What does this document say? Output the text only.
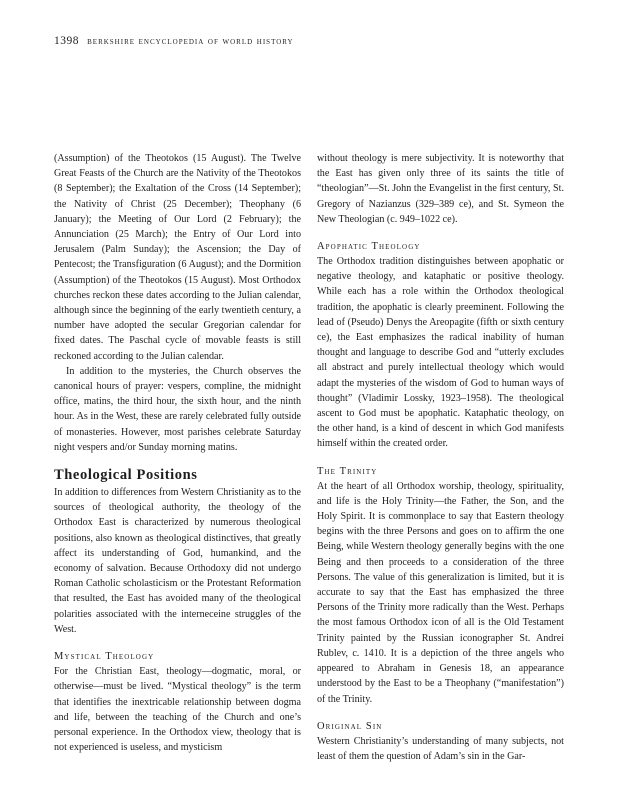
1398 berkshire encyclopedia of world history

(Assumption) of the Theotokos (15 August). The Twelve Great Feasts of the Church are the Nativity of the Theotokos (8 September); the Exaltation of the Cross (14 September); the Nativity of Christ (25 December); Theophany (6 January); the Meeting of Our Lord (2 February); the Annunciation (25 March); the Entry of Our Lord into Jerusalem (Palm Sunday); the Ascension; the Day of Pentecost; the Transfiguration (6 August); and the Dormition (Assumption) of the Theotokos (15 August). Most Orthodox churches reckon these dates according to the Julian calendar, although since the beginning of the early twentieth century, a number have adopted the secular Gregorian calendar for fixed dates. The Paschal cycle of movable feasts is still reckoned according to the Julian calendar.

In addition to the mysteries, the Church observes the canonical hours of prayer: vespers, compline, the midnight office, matins, the third hour, the sixth hour, and the ninth hour. As in the West, these are rarely celebrated fully outside of monasteries. However, most parishes celebrate Saturday night vespers and/or Sunday morning matins.

Theological Positions

In addition to differences from Western Christianity as to the sources of theological authority, the theology of the Orthodox East is characterized by numerous theological positions, also known as theological distinctives, that greatly affect its understanding of God, humankind, and the economy of salvation. Because Orthodoxy did not undergo Roman Catholic scholasticism or the Protestant Reformation that resulted, the East has avoided many of the theological polarities associated with the interneceine struggles of the West.

Mystical Theology

For the Christian East, theology—dogmatic, moral, or otherwise—must be lived. “Mystical theology” is the term that identifies the inextricable relationship between dogma and life, between the teaching of the Church and one’s personal experience. In the Orthodox view, theology that is not experienced is useless, and mysticism

without theology is mere subjectivity. It is noteworthy that the East has given only three of its saints the title of “theologian”—St. John the Evangelist in the first century, St. Gregory of Nazianzus (329–389 ce), and St. Symeon the New Theologian (c. 949–1022 ce).

Apophatic Theology

The Orthodox tradition distinguishes between apophatic or negative theology, and kataphatic or positive theology. While each has a role within the Orthodox theological tradition, the apophatic is clearly preeminent. Following the lead of (Pseudo) Denys the Areopagite (fifth or sixth century ce), the East emphasizes the radical inability of human thought and language to describe God and “utterly excludes all abstract and purely intellectual theology which would adapt the mysteries of the wisdom of God to human ways of thought” (Vladimir Lossky, 1923–1958). The theological ascent to God must be apophatic. Kataphatic theology, on the other hand, is a kind of descent in which God manifests himself within the created order.

The Trinity

At the heart of all Orthodox worship, theology, spirituality, and life is the Holy Trinity—the Father, the Son, and the Holy Spirit. It is commonplace to say that Eastern theology begins with the three Persons and goes on to affirm the one Being, while Western theology generally begins with the one Being and then proceeds to a consideration of the three Persons. The value of this generalization is limited, but it is accurate to say that the East has emphasized the three Persons of the Trinity more radically than the West. Perhaps the most famous Orthodox icon of all is the Old Testament Trinity painted by the Russian iconographer St. Andrei Rublev, c. 1410. It is a depiction of the three angels who appeared to Abraham in Genesis 18, an appearance understood by the East to be a Theophany (“manifestation”) of the Trinity.

Original Sin

Western Christianity’s understanding of many subjects, not least of them the question of Adam’s sin in the Gar-
